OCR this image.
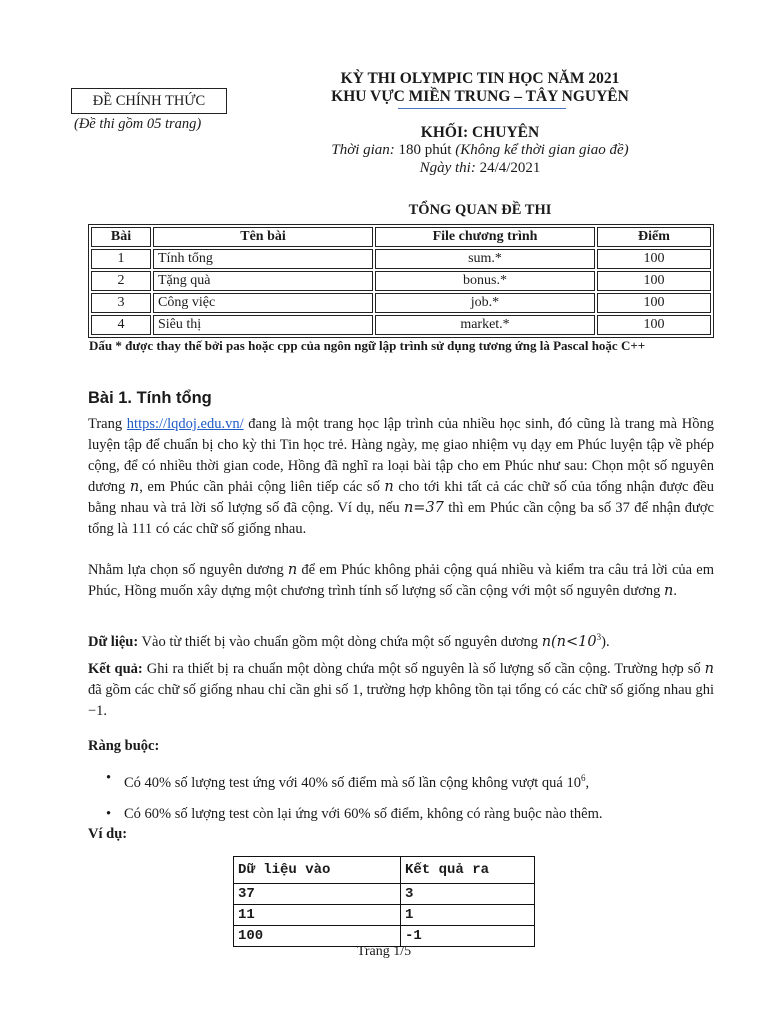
ĐỀ CHÍNH THỨC
(Đề thi gồm 05 trang)
KỲ THI OLYMPIC TIN HỌC NĂM 2021
KHU VỰC MIỀN TRUNG – TÂY NGUYÊN
KHỐI: CHUYÊN
Thời gian: 180 phút (Không kể thời gian giao đề)
Ngày thi: 24/4/2021
TỔNG QUAN ĐỀ THI
Bài	Tên bài	File chương trình	Điểm
1	Tính tổng	sum.*	100
2	Tặng quà	bonus.*	100
3	Công việc	job.*	100
4	Siêu thị	market.*	100
Dấu * được thay thế bởi pas hoặc cpp của ngôn ngữ lập trình sử dụng tương ứng là Pascal hoặc C++
Bài 1. Tính tổng
Trang https://lqdoj.edu.vn/ đang là một trang học lập trình của nhiều học sinh, đó cũng là trang mà Hồng luyện tập để chuẩn bị cho kỳ thi Tin học trẻ. Hàng ngày, mẹ giao nhiệm vụ dạy em Phúc luyện tập về phép cộng, để có nhiều thời gian code, Hồng đã nghĩ ra loại bài tập cho em Phúc như sau: Chọn một số nguyên dương n, em Phúc cần phải cộng liên tiếp các số n cho tới khi tất cả các chữ số của tổng nhận được đều bằng nhau và trả lời số lượng số đã cộng. Ví dụ, nếu n=37 thì em Phúc cần cộng ba số 37 để nhận được tổng là 111 có các chữ số giống nhau.
Nhằm lựa chọn số nguyên dương n để em Phúc không phải cộng quá nhiều và kiểm tra câu trả lời của em Phúc, Hồng muốn xây dựng một chương trình tính số lượng số cần cộng với một số nguyên dương n.
Dữ liệu: Vào từ thiết bị vào chuẩn gồm một dòng chứa một số nguyên dương $n(n<10^3)$.
Kết quả: Ghi ra thiết bị ra chuẩn một dòng chứa một số nguyên là số lượng số cần cộng. Trường hợp số n đã gồm các chữ số giống nhau chỉ cần ghi số 1, trường hợp không tồn tại tổng có các chữ số giống nhau ghi −1.
Ràng buộc:
• Có 40% số lượng test ứng với 40% số điểm mà số lần cộng không vượt quá $10^6$,
• Có 60% số lượng test còn lại ứng với 60% số điểm, không có ràng buộc nào thêm.
Ví dụ:
Dữ liệu vào	Kết quả ra
37	3
11	1
100	-1
Trang 1/5
